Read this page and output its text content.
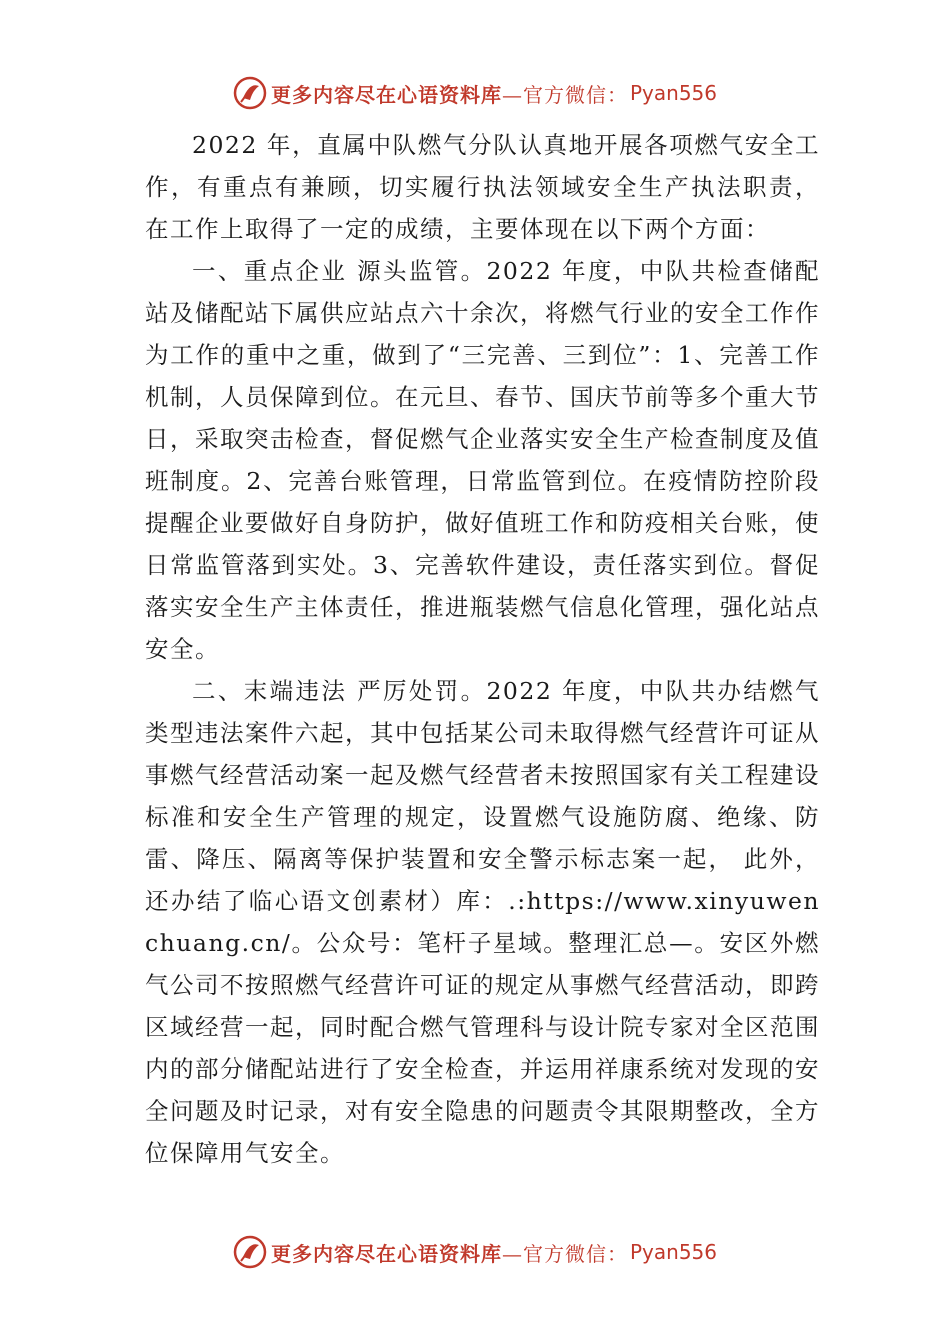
更多内容尽在心语资料库 —官方微信： Pyan556

2022 年，直属中队燃气分队认真地开展各项燃气安全工作，有重点有兼顾，切实履行执法领域安全生产执法职责， 在工作上取得了一定的成绩，主要体现在以下两个方面：

一、重点企业 源头监管。2022 年度，中队共检查储配站及储配站下属供应站点六十余次，将燃气行业的安全工作作为工作的重中之重，做到了“三完善、三到位”：1、完善工作机制，人员保障到位。在元旦、春节、国庆节前等多个重大节日，采取突击检查，督促燃气企业落实安全生产检查制度及值班制度。2、完善台账管理，日常监管到位。在疫情防控阶段提醒企业要做好自身防护，做好值班工作和防疫相关台账，使日常监管落到实处。3、完善软件建设，责任落实到位。督促落实安全生产主体责任，推进瓶装燃气信息化管理，强化站点安全。

二、末端违法 严厉处罚。2022 年度，中队共办结燃气类型违法案件六起，其中包括某公司未取得燃气经营许可证从事燃气经营活动案一起及燃气经营者未按照国家有关工程建设标准和安全生产管理的规定，设置燃气设施防腐、绝缘、防雷、降压、隔离等保护装置和安全警示标志案一起， 此外，还办结了临心语文创素材）库：.:https://www.xinyuwenchuang.cn/。公众号：笔杆子星域。整理汇总—。安区外燃气公司不按照燃气经营许可证的规定从事燃气经营活动，即跨区域经营一起，同时配合燃气管理科与设计院专家对全区范围内的部分储配站进行了安全检查，并运用祥康系统对发现的安全问题及时记录，对有安全隐患的问题责令其限期整改，全方位保障用气安全。

更多内容尽在心语资料库 —官方微信： Pyan556
